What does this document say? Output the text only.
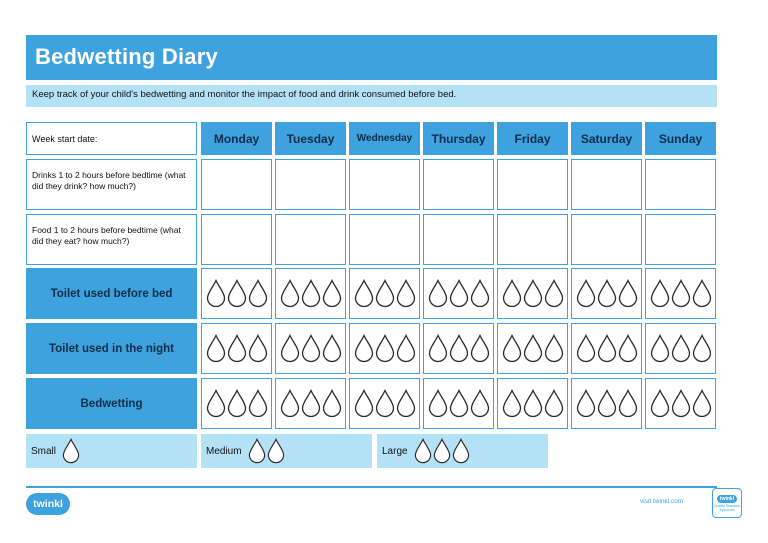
Bedwetting Diary
Keep track of your child's bedwetting and monitor the impact of food and drink consumed before bed.
Week start date:	Monday	Tuesday	Wednesday	Thursday	Friday	Saturday	Sunday
Drinks 1 to 2 hours before bedtime (what did they drink? how much?)
Food 1 to 2 hours before bedtime (what did they eat? how much?)
Toilet used before bed
Toilet used in the night
Bedwetting
Small	Medium	Large
twinkl	visit twinkl.com	twinkl
Quality Standard Approved
